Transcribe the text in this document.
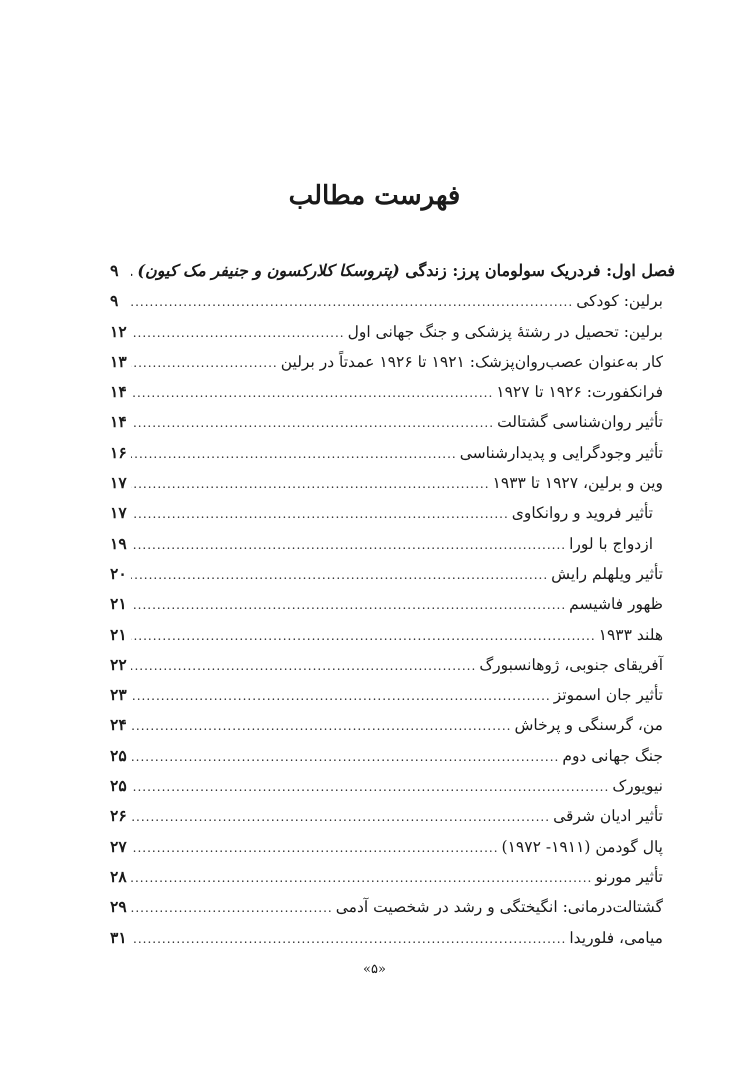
فهرست مطالب
فصل اول: فردریک سولومان پرز: زندگی (پتروسکا کلارکسون و جنیفر مک کیون)
.....
۹
برلین: کودکی
.....
۹
برلین: تحصیل در رشتهٔ پزشکی و جنگ جهانی اول
.....
۱۲
کار به‌عنوان عصب‌روان‌پزشک: ۱۹۲۱ تا ۱۹۲۶ عمدتاً در برلین
.....
۱۳
فرانکفورت: ۱۹۲۶ تا ۱۹۲۷
.....
۱۴
تأثیر روان‌شناسی گشتالت
.....
۱۴
تأثیر وجودگرایی و پدیدارشناسی
.....
۱۶
وین و برلین، ۱۹۲۷ تا ۱۹۳۳
.....
۱۷
تأثیر فروید و روانکاوی
.....
۱۷
ازدواج با لورا
.....
۱۹
تأثیر ویلهلم رایش
.....
۲۰
ظهور فاشیسم
.....
۲۱
هلند ۱۹۳۳
.....
۲۱
آفریقای جنوبی، ژوهانسبورگ
.....
۲۲
تأثیر جان اسموتز
.....
۲۳
من، گرسنگی و پرخاش
.....
۲۴
جنگ جهانی دوم
.....
۲۵
نیویورک
.....
۲۵
تأثیر ادیان شرقی
.....
۲۶
پال گودمن (۱۹۱۱- ۱۹۷۲)
.....
۲۷
تأثیر مورنو
.....
۲۸
گشتالت‌درمانی: انگیختگی و رشد در شخصیت آدمی
.....
۲۹
میامی، فلوریدا
.....
۳۱
«۵»
